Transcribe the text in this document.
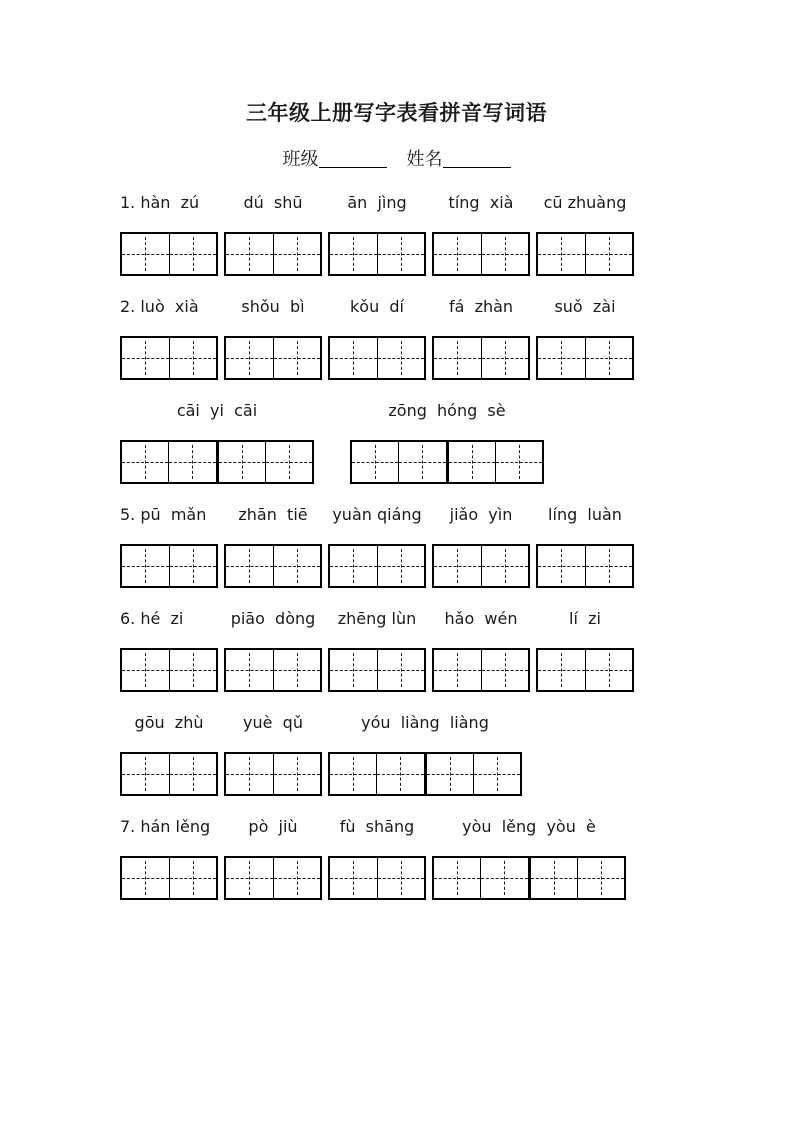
三年级上册写字表看拼音写词语
班级	姓名
1. hàn  zú	dú  shū	ān  jìng	tíng  xià	cū zhuàng
2. luò  xià	shǒu  bì	kǒu  dí	fá  zhàn	suǒ  zài
cāi  yi  cāi	zōng  hóng  sè
5. pū  mǎn	zhān  tiē	yuàn qiáng	jiǎo  yìn	líng  luàn
6. hé  zi	piāo  dòng	zhēng lùn	hǎo  wén	lí  zi
gōu  zhù	yuè  qǔ	yóu  liàng  liàng
7. hán lěng	pò  jiù	fù  shāng	yòu  lěng  yòu  è
